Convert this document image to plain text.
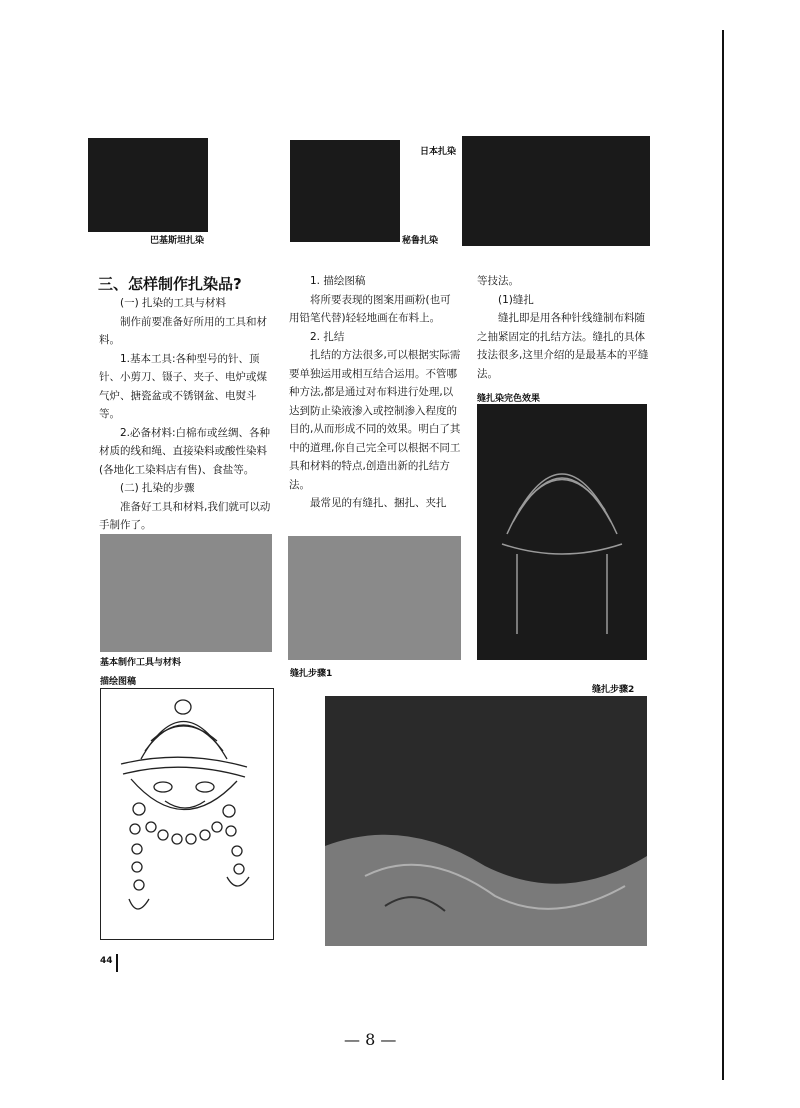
巴基斯坦扎染	秘鲁扎染
日本扎染
三、怎样制作扎染品?

(一) 扎染的工具与材料

制作前要准备好所用的工具和材料。

1.基本工具:各种型号的针、顶针、小剪刀、镊子、夹子、电炉或煤气炉、搪瓷盆或不锈钢盆、电熨斗等。

2.必备材料:白棉布或丝绸、各种材质的线和绳、直接染料或酸性染料(各地化工染料店有售)、食盐等。

(二) 扎染的步骤

准备好工具和材料,我们就可以动手制作了。

1. 描绘图稿

将所要表现的图案用画粉(也可用铅笔代替)轻轻地画在布料上。

2. 扎结

扎结的方法很多,可以根据实际需要单独运用或相互结合运用。不管哪种方法,都是通过对布料进行处理,以达到防止染液渗入或控制渗入程度的目的,从而形成不同的效果。明白了其中的道理,你自己完全可以根据不同工具和材料的特点,创造出新的扎结方法。

最常见的有缝扎、捆扎、夹扎

等技法。

(1)缝扎

缝扎即是用各种针线缝制布料随之抽紧固定的扎结方法。缝扎的具体技法很多,这里介绍的是最基本的平缝法。

缝扎染完色效果
基本制作工具与材料
缝扎步骤1
描绘图稿
缝扎步骤2
44
— 8 —
